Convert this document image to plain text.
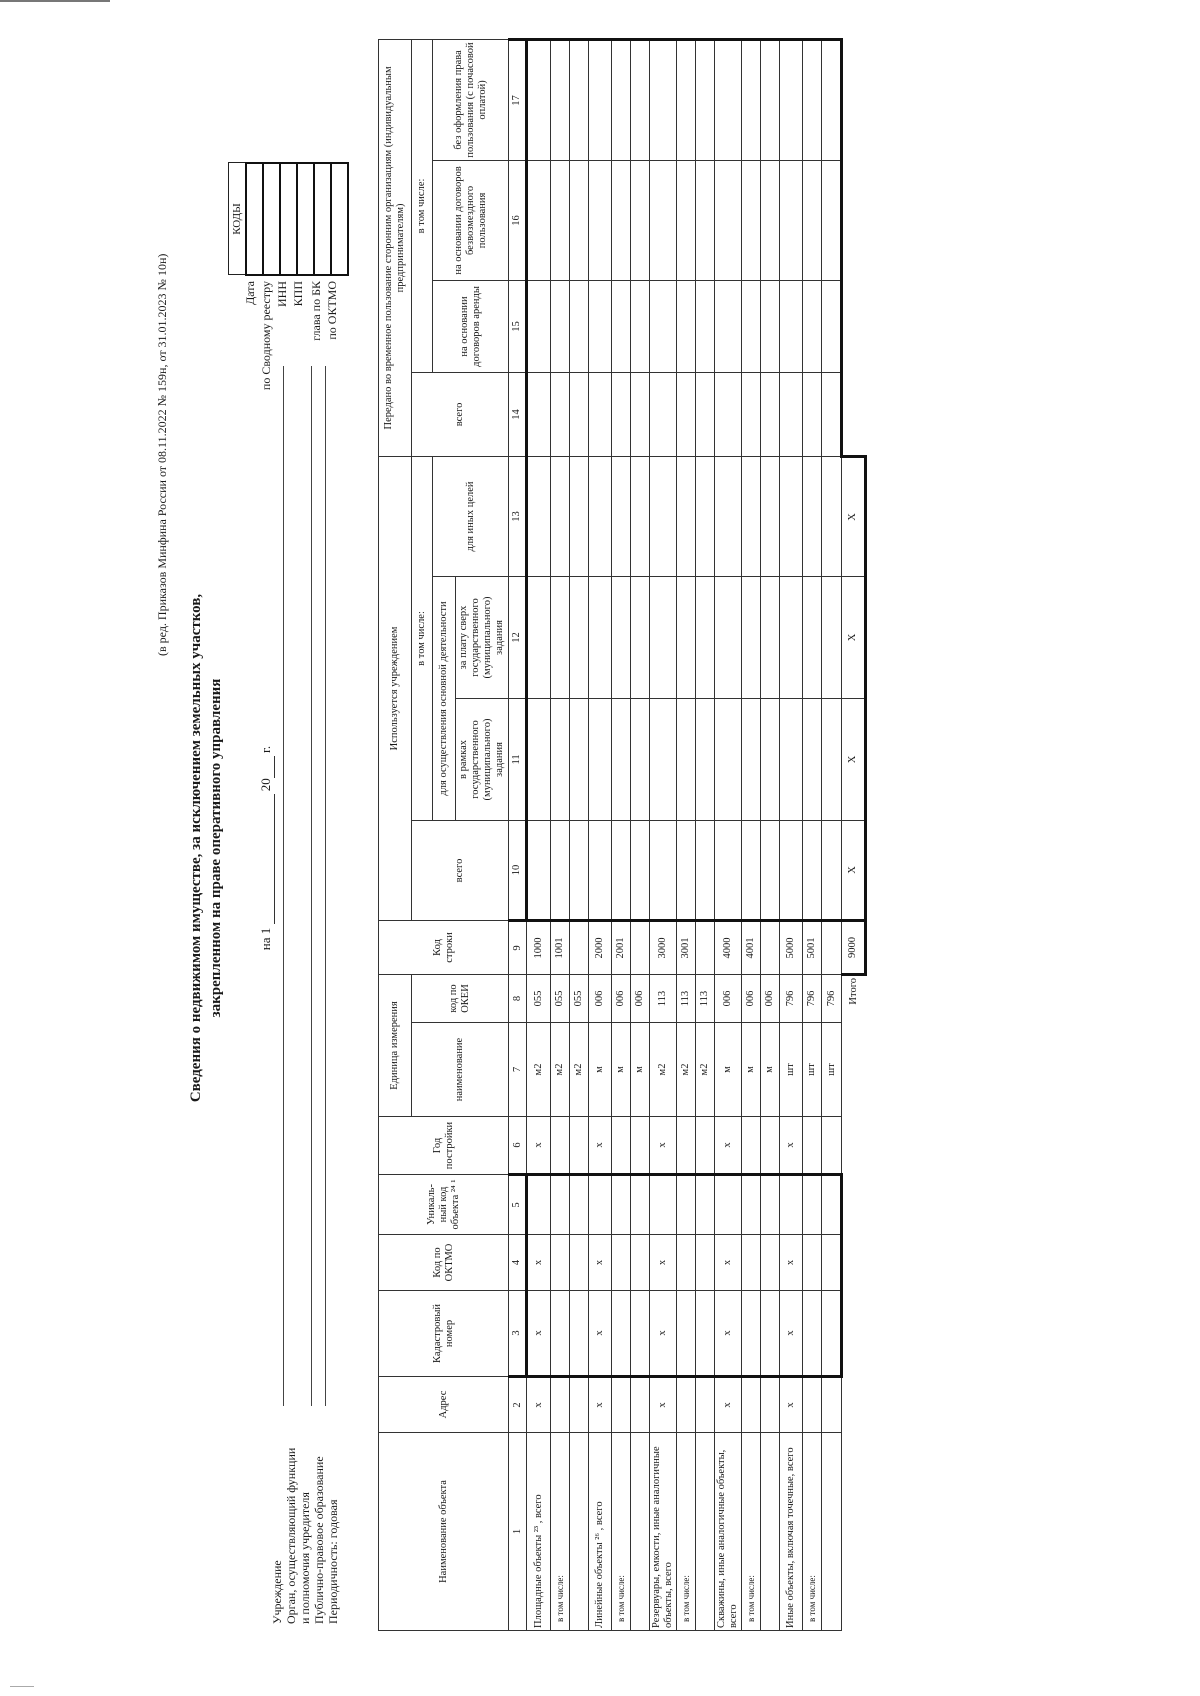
(в ред. Приказов Минфина России от 08.11.2022 № 159н, от 31.01.2023 № 10н)
Сведения о недвижимом имуществе, за исключением земельных участков, закрепленном на праве оперативного управления	на 1   20  г.
Учреждение Орган, осуществляющий функции и полномочия учредителя Публично-правовое образование Периодичность: годовая
Дата по Сводному реестру ИНН КПП глава по БК по ОКТМО
КОДЫ

Наименование объекта	Адрес	Кадастровый номер	Код по ОКТМО	Уникаль-ный код объекта ²⁴ ¹	Год постройки	Единица измерения		Код строки	Используется учреждением				Передано во временное пользование сторонним организациям (индивидуальным предпринимателям)			
						наименование	код по ОКЕИ		всего	в том числе:			всего	в том числе:		
										для осуществления основной деятельности		для иных целей		на основании договоров аренды	на основании договоров безвозмездного пользования	без оформления права пользования (с почасовой оплатой)
										в рамках государственного (муниципального) задания	за плату сверх государственного (муниципального) задания					
1	2	3	4	5	6	7	8	9	10	11	12	13	14	15	16	17
Площадные объекты ²³ , всего	х	х	х		х	м2	055	1000								
в том числе:						м2	055	1001								
						м2	055									
Линейные объекты ²⁶ , всего	х	х	х		х	м	006	2000								
в том числе:						м	006	2001								
						м	006									
Резервуары, емкости, иные аналогичные объекты, всего	х	х	х		х	м2	113	3000								
в том числе:						м2	113	3001								
						м2	113									
Скважины, иные аналогичные объекты, всего	х	х	х		х	м	006	4000								
в том числе:						м	006	4001								
						м	006									
Иные объекты, включая точечные, всего	х	х	х		х	шт	796	5000								
в том числе:						шт	796	5001								
						шт	796									
							Итого	9000	Х	Х	Х	Х				
